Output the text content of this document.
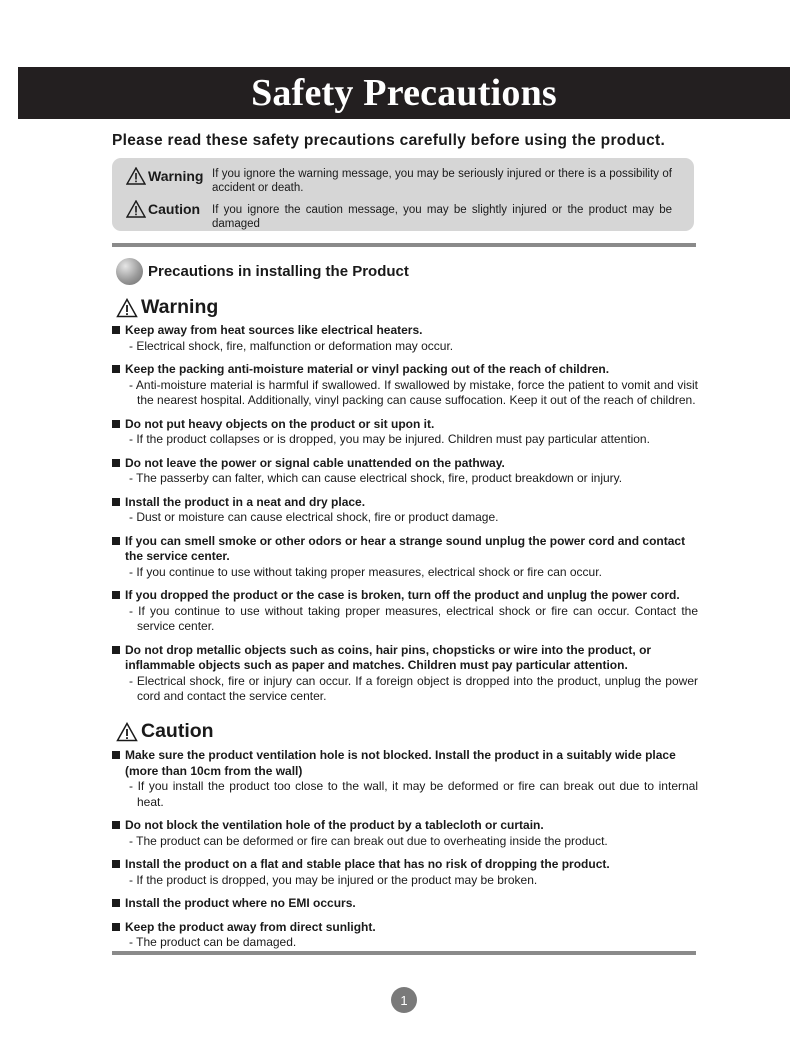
Safety Precautions
Please read these safety precautions carefully before using the product.
Warning If you ignore the warning message, you may be seriously injured or there is a possibility of accident or death.
Caution If you ignore the caution message, you may be slightly injured or the product may be damaged
Precautions in installing the Product
Warning
Keep away from heat sources like electrical heaters.
- Electrical shock, fire, malfunction or deformation may occur.
Keep the packing anti-moisture material or vinyl packing out of the reach of children.
- Anti-moisture material is harmful if swallowed. If swallowed by mistake, force the patient to vomit and visit the nearest hospital. Additionally, vinyl packing can cause suffocation. Keep it out of the reach of children.
Do not put heavy objects on the product or sit upon it.
- If the product collapses or is dropped, you may be injured. Children must pay particular attention.
Do not leave the power or signal cable unattended on the pathway.
- The passerby can falter, which can cause electrical shock, fire, product breakdown or injury.
Install the product in a neat and dry place.
- Dust or moisture can cause electrical shock, fire or product damage.
If you can smell smoke or other odors or hear a strange sound unplug the power cord and contact the service center.
- If you continue to use without taking proper measures, electrical shock or fire can occur.
If you dropped the product or the case is broken, turn off the product and unplug the power cord.
- If you continue to use without taking proper measures, electrical shock or fire can occur. Contact the service center.
Do not drop metallic objects such as coins, hair pins, chopsticks or wire into the product, or inflammable objects such as paper and matches. Children must pay particular attention.
- Electrical shock, fire or injury can occur. If a foreign object is dropped into the product, unplug the power cord and contact the service center.
Caution
Make sure the product ventilation hole is not blocked. Install the product in a suitably wide place (more than 10cm from the wall)
- If you install the product too close to the wall, it may be deformed or fire can break out due to internal heat.
Do not block the ventilation hole of the product by a tablecloth or curtain.
- The product can be deformed or fire can break out due to overheating inside the product.
Install the product on a flat and stable place that has no risk of dropping the product.
- If the product is dropped, you may be injured or the product may be broken.
Install the product where no EMI occurs.
Keep the product away from direct sunlight.
- The product can be damaged.
1
